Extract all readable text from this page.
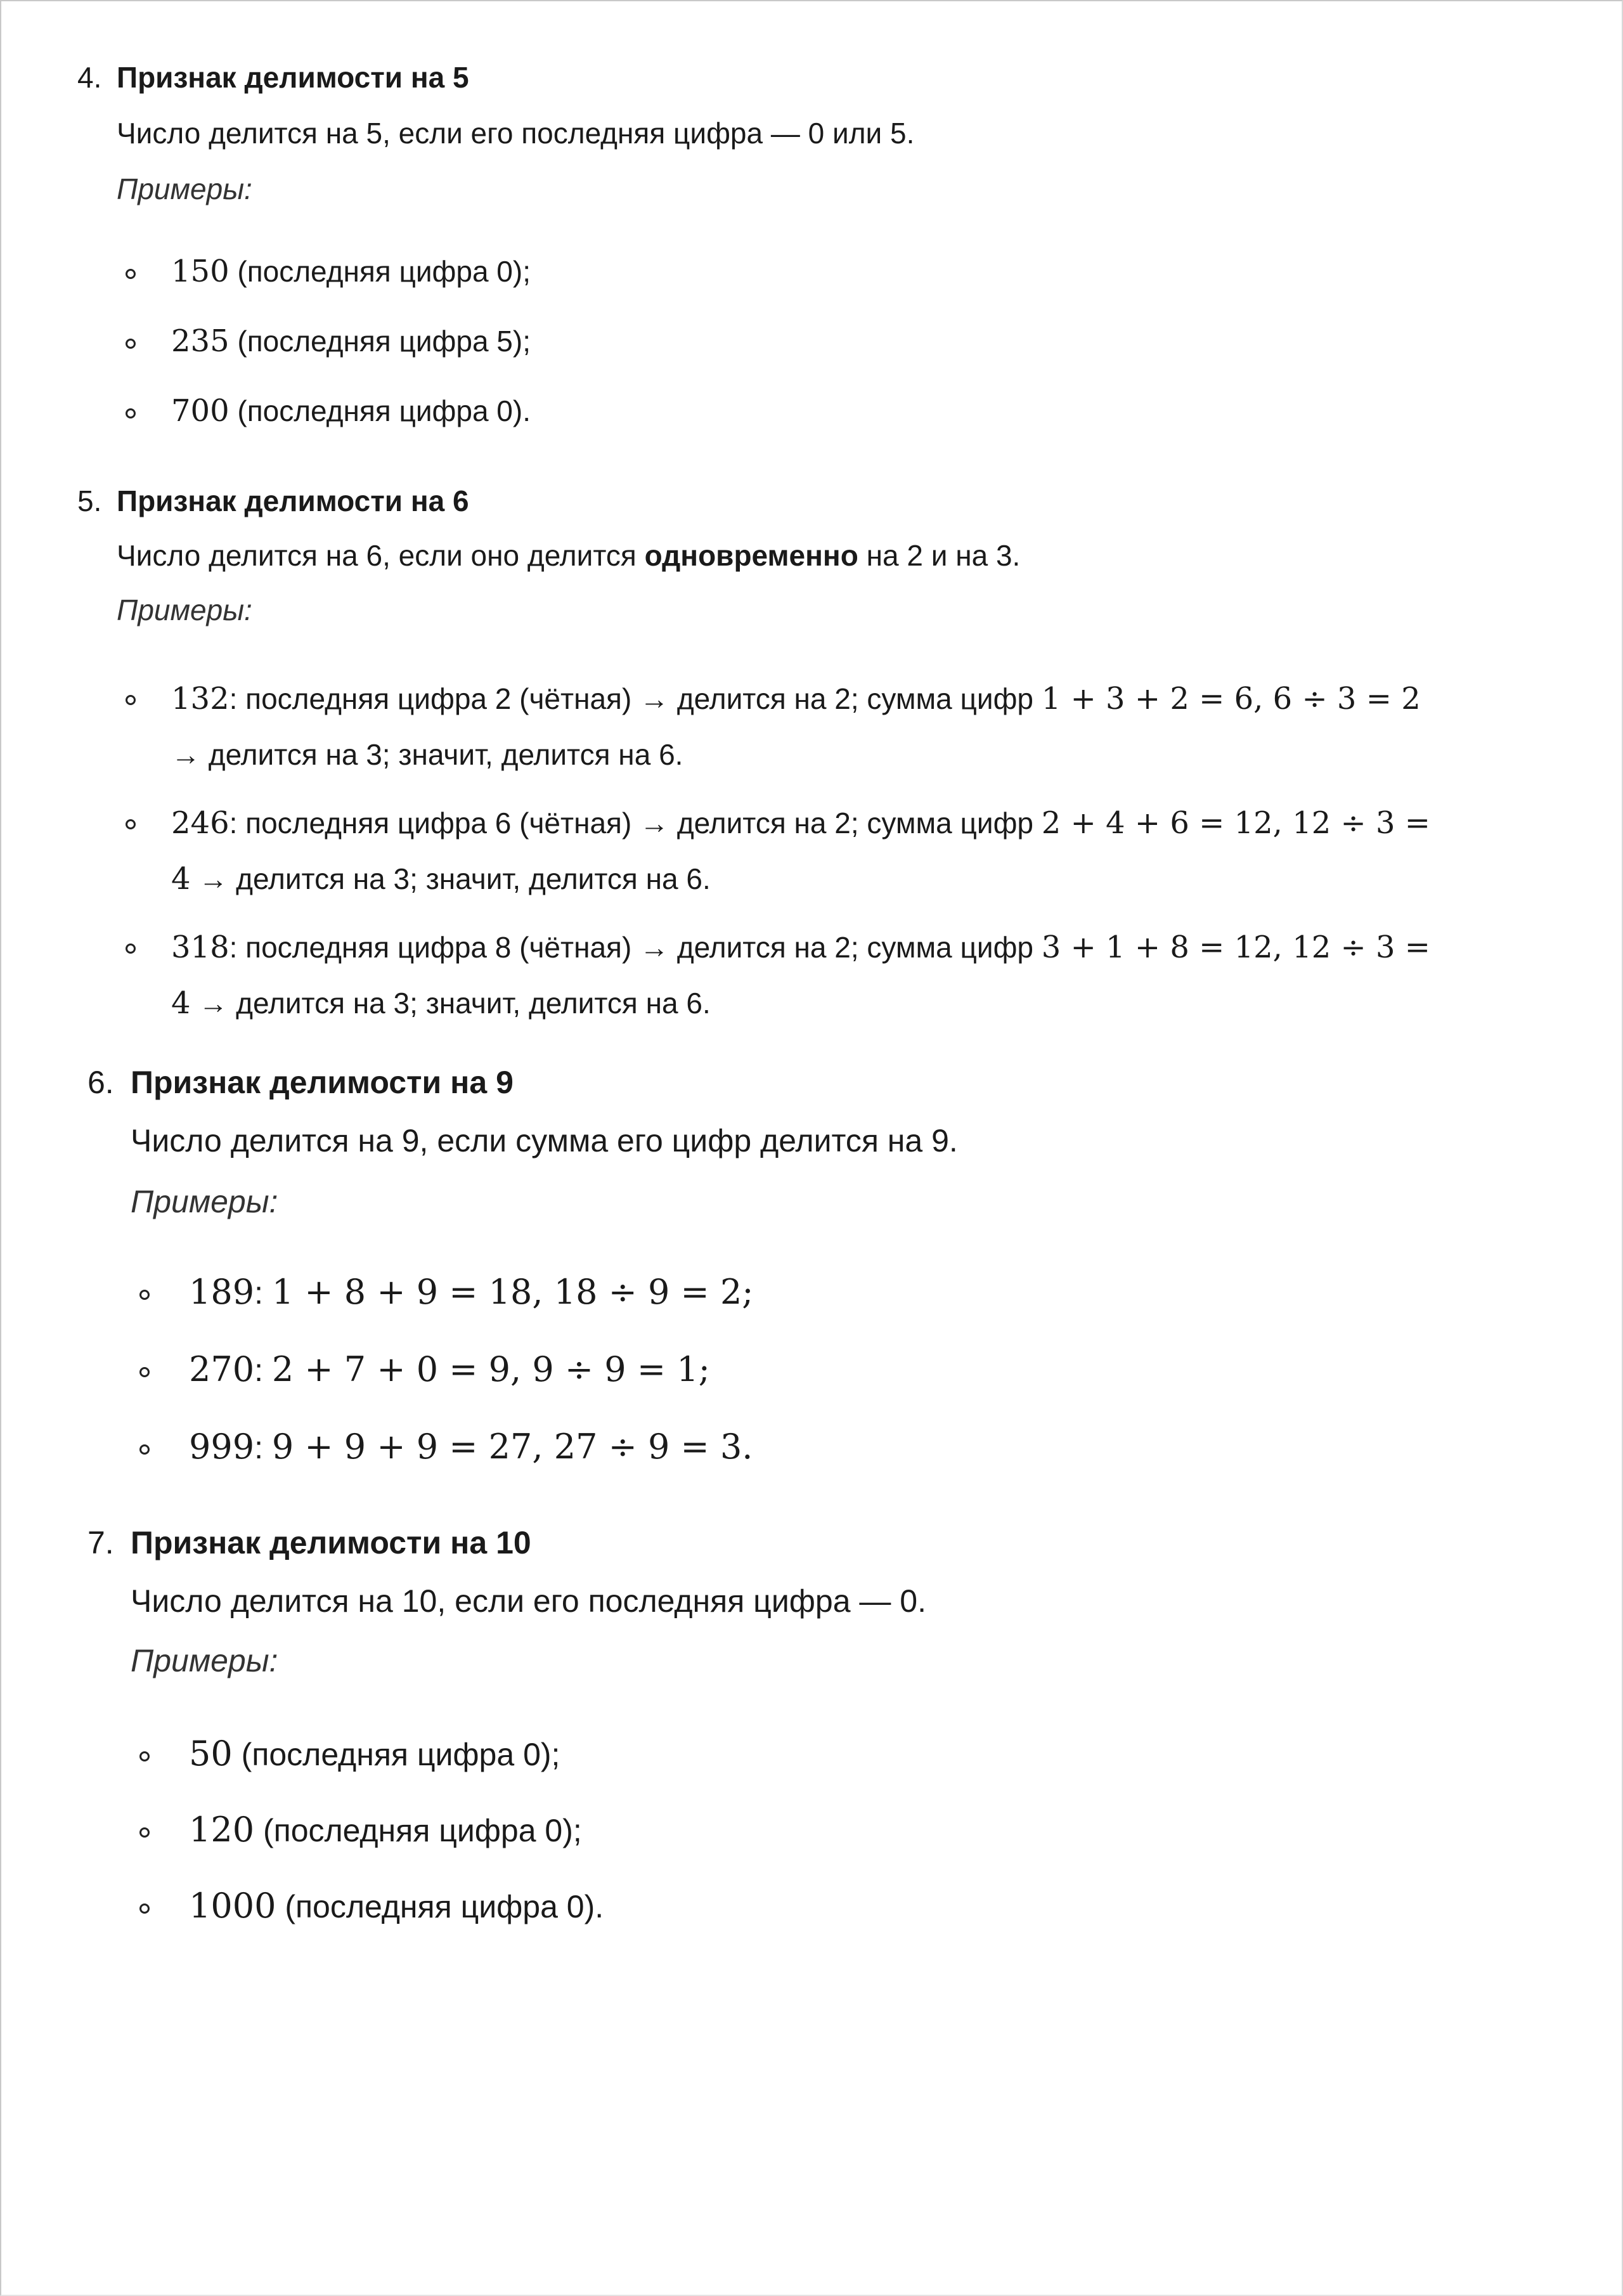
4. Признак делимости на 5
Число делится на 5, если его последняя цифра — 0 или 5.
Примеры:
150 (последняя цифра 0);
235 (последняя цифра 5);
700 (последняя цифра 0).
5. Признак делимости на 6
Число делится на 6, если оно делится одновременно на 2 и на 3.
Примеры:
132: последняя цифра 2 (чётная) → делится на 2; сумма цифр 1 + 3 + 2 = 6, 6 ÷ 3 = 2
→ делится на 3; значит, делится на 6.
246: последняя цифра 6 (чётная) → делится на 2; сумма цифр 2 + 4 + 6 = 12, 12 ÷ 3 =
4 → делится на 3; значит, делится на 6.
318: последняя цифра 8 (чётная) → делится на 2; сумма цифр 3 + 1 + 8 = 12, 12 ÷ 3 =
4 → делится на 3; значит, делится на 6.
6. Признак делимости на 9
Число делится на 9, если сумма его цифр делится на 9.
Примеры:
189: 1 + 8 + 9 = 18, 18 ÷ 9 = 2;
270: 2 + 7 + 0 = 9, 9 ÷ 9 = 1;
999: 9 + 9 + 9 = 27, 27 ÷ 9 = 3.
7. Признак делимости на 10
Число делится на 10, если его последняя цифра — 0.
Примеры:
50 (последняя цифра 0);
120 (последняя цифра 0);
1000 (последняя цифра 0).
